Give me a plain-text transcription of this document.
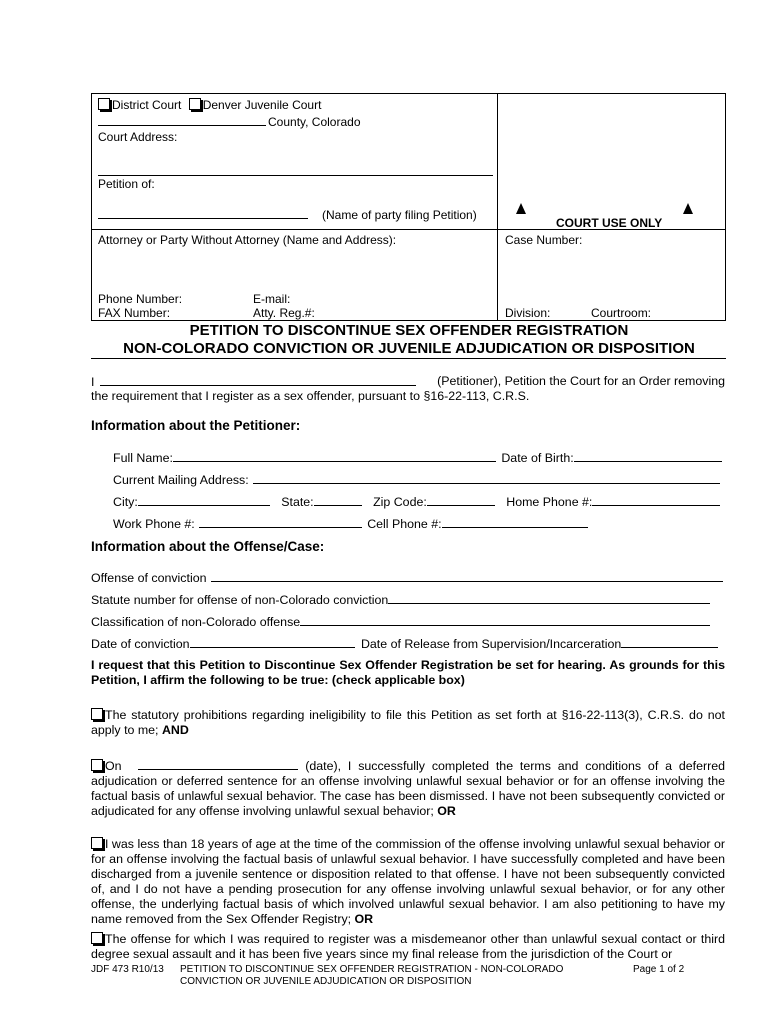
District Court Denver Juvenile Court
County, Colorado
Court Address:
Petition of:
(Name of party filing Petition)
Attorney or Party Without Attorney (Name and Address):
Phone Number:	E-mail:
FAX Number:	Atty. Reg.#:
COURT USE ONLY
Case Number:
Division:	Courtroom:
PETITION TO DISCONTINUE SEX OFFENDER REGISTRATION
NON-COLORADO CONVICTION OR JUVENILE ADJUDICATION OR DISPOSITION
I	(Petitioner), Petition the Court for an Order removing
the requirement that I register as a sex offender, pursuant to §16-22-113, C.R.S.
Information about the Petitioner:
Full Name:	Date of Birth:
Current Mailing Address:
City:	State:	Zip Code:	Home Phone #:
Work Phone #:	Cell Phone #:
Information about the Offense/Case:
Offense of conviction
Statute number for offense of non-Colorado conviction
Classification of non-Colorado offense
Date of conviction	Date of Release from Supervision/Incarceration
I request that this Petition to Discontinue Sex Offender Registration be set for hearing. As grounds for this Petition, I affirm the following to be true: (check applicable box)
The statutory prohibitions regarding ineligibility to file this Petition as set forth at §16-22-113(3), C.R.S. do not apply to me; AND
On	(date), I successfully completed the terms and conditions of a deferred adjudication or deferred sentence for an offense involving unlawful sexual behavior or for an offense involving the factual basis of unlawful sexual behavior. The case has been dismissed. I have not been subsequently convicted or adjudicated for any offense involving unlawful sexual behavior; OR
I was less than 18 years of age at the time of the commission of the offense involving unlawful sexual behavior or for an offense involving the factual basis of unlawful sexual behavior. I have successfully completed and have been discharged from a juvenile sentence or disposition related to that offense. I have not been subsequently convicted of, and I do not have a pending prosecution for any offense involving unlawful sexual behavior, or for any other offense, the underlying factual basis of which involved unlawful sexual behavior. I am also petitioning to have my name removed from the Sex Offender Registry; OR
The offense for which I was required to register was a misdemeanor other than unlawful sexual contact or third degree sexual assault and it has been five years since my final release from the jurisdiction of the Court or
JDF 473 R10/13 PETITION TO DISCONTINUE SEX OFFENDER REGISTRATION - NON-COLORADO
CONVICTION OR JUVENILE ADJUDICATION OR DISPOSITION
Page 1 of 2
